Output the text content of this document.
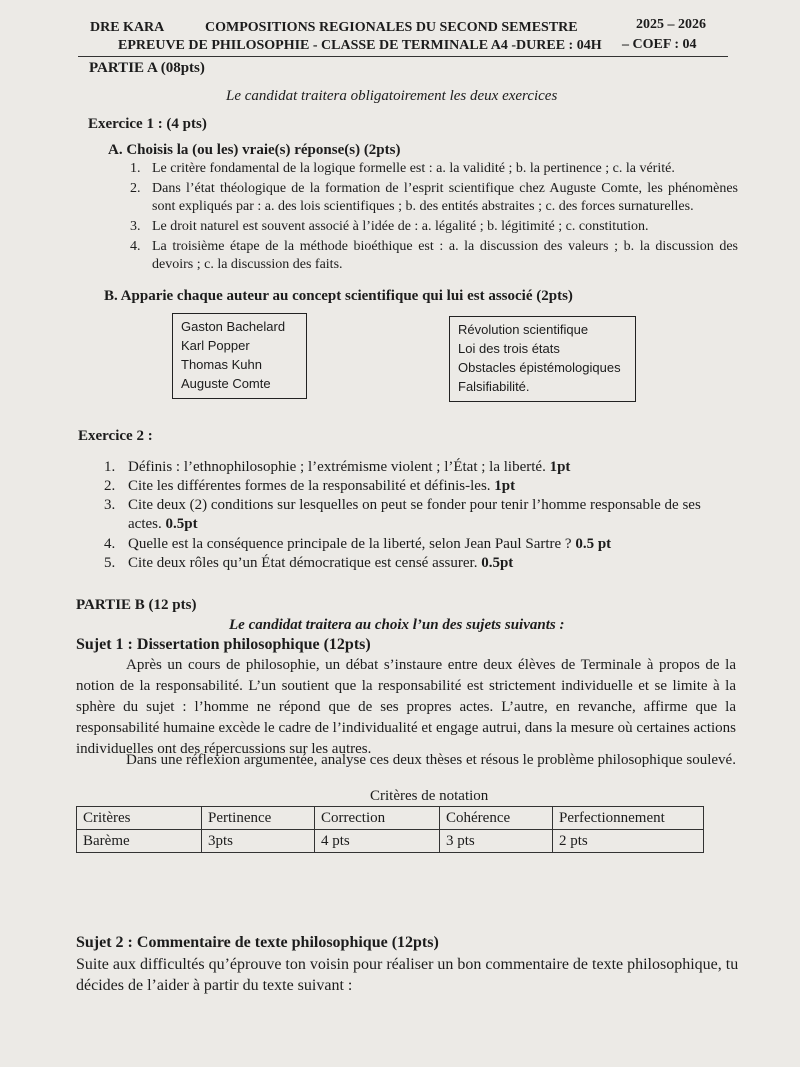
DRE KARA	COMPOSITIONS REGIONALES DU SECOND SEMESTRE	2025 – 2026
EPREUVE DE PHILOSOPHIE - CLASSE DE TERMINALE A4 -DUREE : 04H – COEF : 04
PARTIE A (08pts)
Le candidat traitera obligatoirement les deux exercices
Exercice 1 : (4 pts)
A. Choisis la (ou les) vraie(s) réponse(s) (2pts)
1. Le critère fondamental de la logique formelle est : a. la validité ; b. la pertinence ; c. la vérité.
2. Dans l’état théologique de la formation de l’esprit scientifique chez Auguste Comte, les phénomènes sont expliqués par : a. des lois scientifiques ; b. des entités abstraites ; c. des forces surnaturelles.
3. Le droit naturel est souvent associé à l’idée de : a. légalité ; b. légitimité ; c. constitution.
4. La troisième étape de la méthode bioéthique est : a. la discussion des valeurs ; b. la discussion des devoirs ; c. la discussion des faits.
B. Apparie chaque auteur au concept scientifique qui lui est associé (2pts)
Gaston Bachelard
Karl Popper
Thomas Kuhn
Auguste Comte
Révolution scientifique
Loi des trois états
Obstacles épistémologiques
Falsifiabilité.
Exercice 2 :
1. Définis : l’ethnophilosophie ; l’extrémisme violent ; l’État ; la liberté. 1pt
2. Cite les différentes formes de la responsabilité et définis-les. 1pt
3. Cite deux (2) conditions sur lesquelles on peut se fonder pour tenir l’homme responsable de ses actes. 0.5pt
4. Quelle est la conséquence principale de la liberté, selon Jean Paul Sartre ? 0.5 pt
5. Cite deux rôles qu’un État démocratique est censé assurer. 0.5pt
PARTIE B (12 pts)
Le candidat traitera au choix l’un des sujets suivants :
Sujet 1 : Dissertation philosophique (12pts)
Après un cours de philosophie, un débat s’instaure entre deux élèves de Terminale à propos de la notion de la responsabilité. L’un soutient que la responsabilité est strictement individuelle et se limite à la sphère du sujet : l’homme ne répond que de ses propres actes. L’autre, en revanche, affirme que la responsabilité humaine excède le cadre de l’individualité et engage autrui, dans la mesure où certaines actions individuelles ont des répercussions sur les autres.
Dans une réflexion argumentée, analyse ces deux thèses et résous le problème philosophique soulevé.
Critères de notation
Critères	Pertinence	Correction	Cohérence	Perfectionnement
Barème	3pts	4 pts	3 pts	2 pts
Sujet 2 : Commentaire de texte philosophique (12pts)
Suite aux difficultés qu’éprouve ton voisin pour réaliser un bon commentaire de texte philosophique, tu décides de l’aider à partir du texte suivant :
